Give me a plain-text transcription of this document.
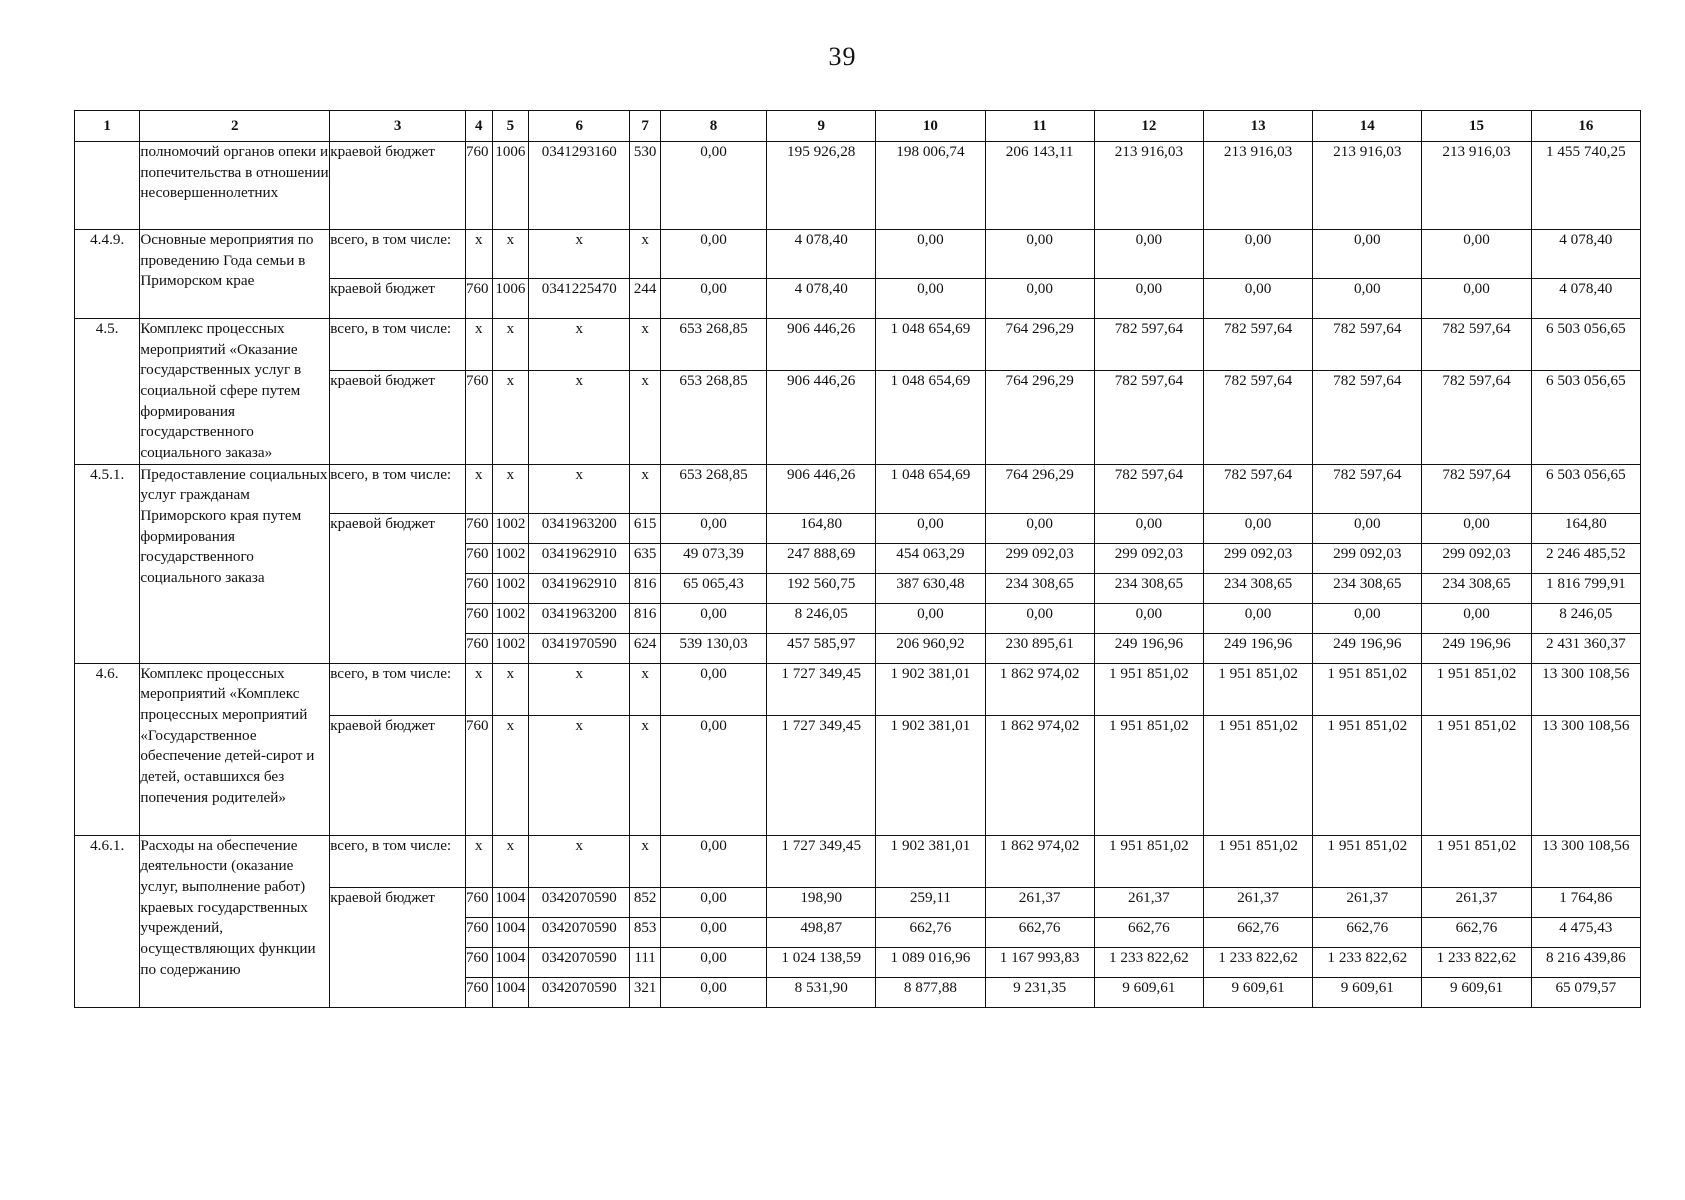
39
1	2	3	4	5	6	7	8	9	10	11	12	13	14	15	16
	полномочий органов опеки и попечительства в отношении несовершеннолетних	краевой бюджет	760	1006	0341293160	530	0,00	195 926,28	198 006,74	206 143,11	213 916,03	213 916,03	213 916,03	213 916,03	1 455 740,25
4.4.9.	Основные мероприятия по проведению Года семьи в Приморском крае	всего, в том числе:	х	х	х	х	0,00	4 078,40	0,00	0,00	0,00	0,00	0,00	0,00	4 078,40
		краевой бюджет	760	1006	0341225470	244	0,00	4 078,40	0,00	0,00	0,00	0,00	0,00	0,00	4 078,40
4.5.	Комплекс процессных мероприятий «Оказание государственных услуг в социальной сфере путем формирования государственного социального заказа»	всего, в том числе:	х	х	х	х	653 268,85	906 446,26	1 048 654,69	764 296,29	782 597,64	782 597,64	782 597,64	782 597,64	6 503 056,65
		краевой бюджет	760	х	х	х	653 268,85	906 446,26	1 048 654,69	764 296,29	782 597,64	782 597,64	782 597,64	782 597,64	6 503 056,65
4.5.1.	Предоставление социальных услуг гражданам Приморского края путем формирования государственного социального заказа	всего, в том числе:	х	х	х	х	653 268,85	906 446,26	1 048 654,69	764 296,29	782 597,64	782 597,64	782 597,64	782 597,64	6 503 056,65
		краевой бюджет	760	1002	0341963200	615	0,00	164,80	0,00	0,00	0,00	0,00	0,00	0,00	164,80
			760	1002	0341962910	635	49 073,39	247 888,69	454 063,29	299 092,03	299 092,03	299 092,03	299 092,03	299 092,03	2 246 485,52
			760	1002	0341962910	816	65 065,43	192 560,75	387 630,48	234 308,65	234 308,65	234 308,65	234 308,65	234 308,65	1 816 799,91
			760	1002	0341963200	816	0,00	8 246,05	0,00	0,00	0,00	0,00	0,00	0,00	8 246,05
			760	1002	0341970590	624	539 130,03	457 585,97	206 960,92	230 895,61	249 196,96	249 196,96	249 196,96	249 196,96	2 431 360,37
4.6.	Комплекс процессных мероприятий «Комплекс процессных мероприятий «Государственное обеспечение детей-сирот и детей, оставшихся без попечения родителей»	всего, в том числе:	х	х	х	х	0,00	1 727 349,45	1 902 381,01	1 862 974,02	1 951 851,02	1 951 851,02	1 951 851,02	1 951 851,02	13 300 108,56
		краевой бюджет	760	х	х	х	0,00	1 727 349,45	1 902 381,01	1 862 974,02	1 951 851,02	1 951 851,02	1 951 851,02	1 951 851,02	13 300 108,56
4.6.1.	Расходы на обеспечение деятельности (оказание услуг, выполнение работ) краевых государственных учреждений, осуществляющих функции по содержанию	всего, в том числе:	х	х	х	х	0,00	1 727 349,45	1 902 381,01	1 862 974,02	1 951 851,02	1 951 851,02	1 951 851,02	1 951 851,02	13 300 108,56
		краевой бюджет	760	1004	0342070590	852	0,00	198,90	259,11	261,37	261,37	261,37	261,37	261,37	1 764,86
			760	1004	0342070590	853	0,00	498,87	662,76	662,76	662,76	662,76	662,76	662,76	4 475,43
			760	1004	0342070590	111	0,00	1 024 138,59	1 089 016,96	1 167 993,83	1 233 822,62	1 233 822,62	1 233 822,62	1 233 822,62	8 216 439,86
			760	1004	0342070590	321	0,00	8 531,90	8 877,88	9 231,35	9 609,61	9 609,61	9 609,61	9 609,61	65 079,57
